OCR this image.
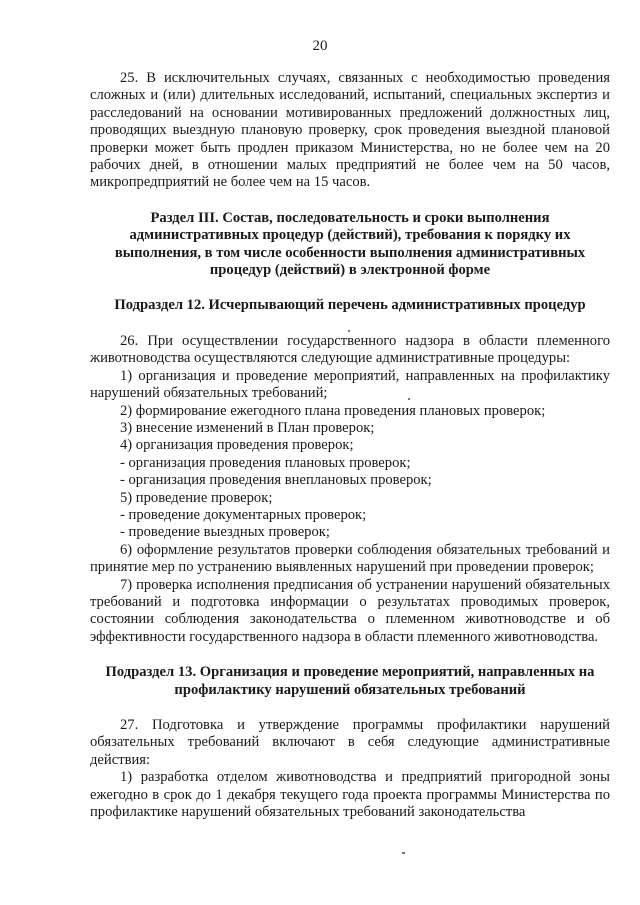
20

25. В исключительных случаях, связанных с необходимостью проведения сложных и (или) длительных исследований, испытаний, специальных экспертиз и расследований на основании мотивированных предложений должностных лиц, проводящих выездную плановую проверку, срок проведения выездной плановой проверки может быть продлен приказом Министерства, но не более чем на 20 рабочих дней, в отношении малых предприятий не более чем на 50 часов, микропредприятий не более чем на 15 часов.

Раздел III. Состав, последовательность и сроки выполнения административных процедур (действий), требования к порядку их выполнения, в том числе особенности выполнения административных процедур (действий) в электронной форме

Подраздел 12. Исчерпывающий перечень административных процедур

26. При осуществлении государственного надзора в области племенного животноводства осуществляются следующие административные процедуры:

1) организация и проведение мероприятий, направленных на профилактику нарушений обязательных требований;

2) формирование ежегодного плана проведения плановых проверок;

3) внесение изменений в План проверок;

4) организация проведения проверок;

- организация проведения плановых проверок;

- организация проведения внеплановых проверок;

5) проведение проверок;

- проведение документарных проверок;

- проведение выездных проверок;

6) оформление результатов проверки соблюдения обязательных требований и принятие мер по устранению выявленных нарушений при проведении проверок;

7) проверка исполнения предписания об устранении нарушений обязательных требований и подготовка информации о результатах проводимых проверок, состоянии соблюдения законодательства о племенном животноводстве и об эффективности государственного надзора в области племенного животноводства.

Подраздел 13. Организация и проведение мероприятий, направленных на профилактику нарушений обязательных требований

27. Подготовка и утверждение программы профилактики нарушений обязательных требований включают в себя следующие административные действия:

1) разработка отделом животноводства и предприятий пригородной зоны ежегодно в срок до 1 декабря текущего года проекта программы Министерства по профилактике нарушений обязательных требований законодательства
